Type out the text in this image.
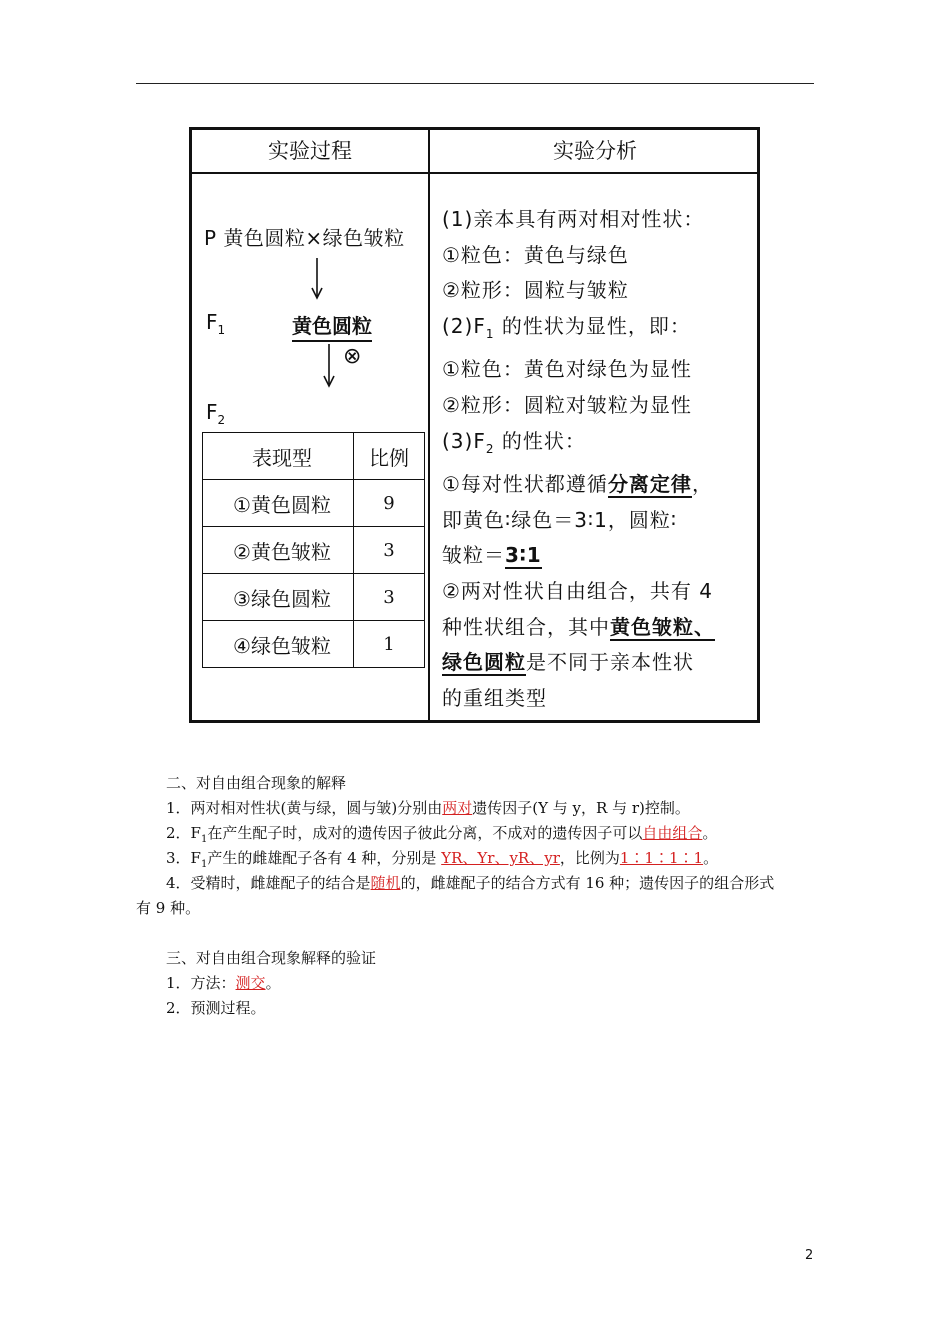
实验过程	实验分析
P 黄色圆粒×绿色皱粒
$F_1$	黄色圆粒
⊗
$F_2$
表现型	比例
①黄色圆粒	9
②黄色皱粒	3
③绿色圆粒	3
④绿色皱粒	1
(1)亲本具有两对相对性状：
①粒色：黄色与绿色
②粒形：圆粒与皱粒
$(2)F_1$ 的性状为显性，即：
①粒色：黄色对绿色为显性
②粒形：圆粒对皱粒为显性
$(3)F_2$ 的性状：
①每对性状都遵循分离定律，
即黄色∶绿色＝3∶1，圆粒∶
皱粒＝3∶1
②两对性状自由组合，共有 4
种性状组合，其中黄色皱粒、
绿色圆粒是不同于亲本性状
的重组类型
二、对自由组合现象的解释
1．两对相对性状(黄与绿，圆与皱)分别由两对遗传因子(Y 与 y，R 与 r)控制。
2．$F_1$在产生配子时，成对的遗传因子彼此分离，不成对的遗传因子可以自由组合。
3．$F_1$产生的雌雄配子各有 4 种，分别是 YR、Yr、yR、yr，比例为1∶1∶1∶1。
4．受精时，雌雄配子的结合是随机的，雌雄配子的结合方式有 16 种；遗传因子的组合形式
有 9 种。
三、对自由组合现象解释的验证
1．方法：测交。
2．预测过程。
2
